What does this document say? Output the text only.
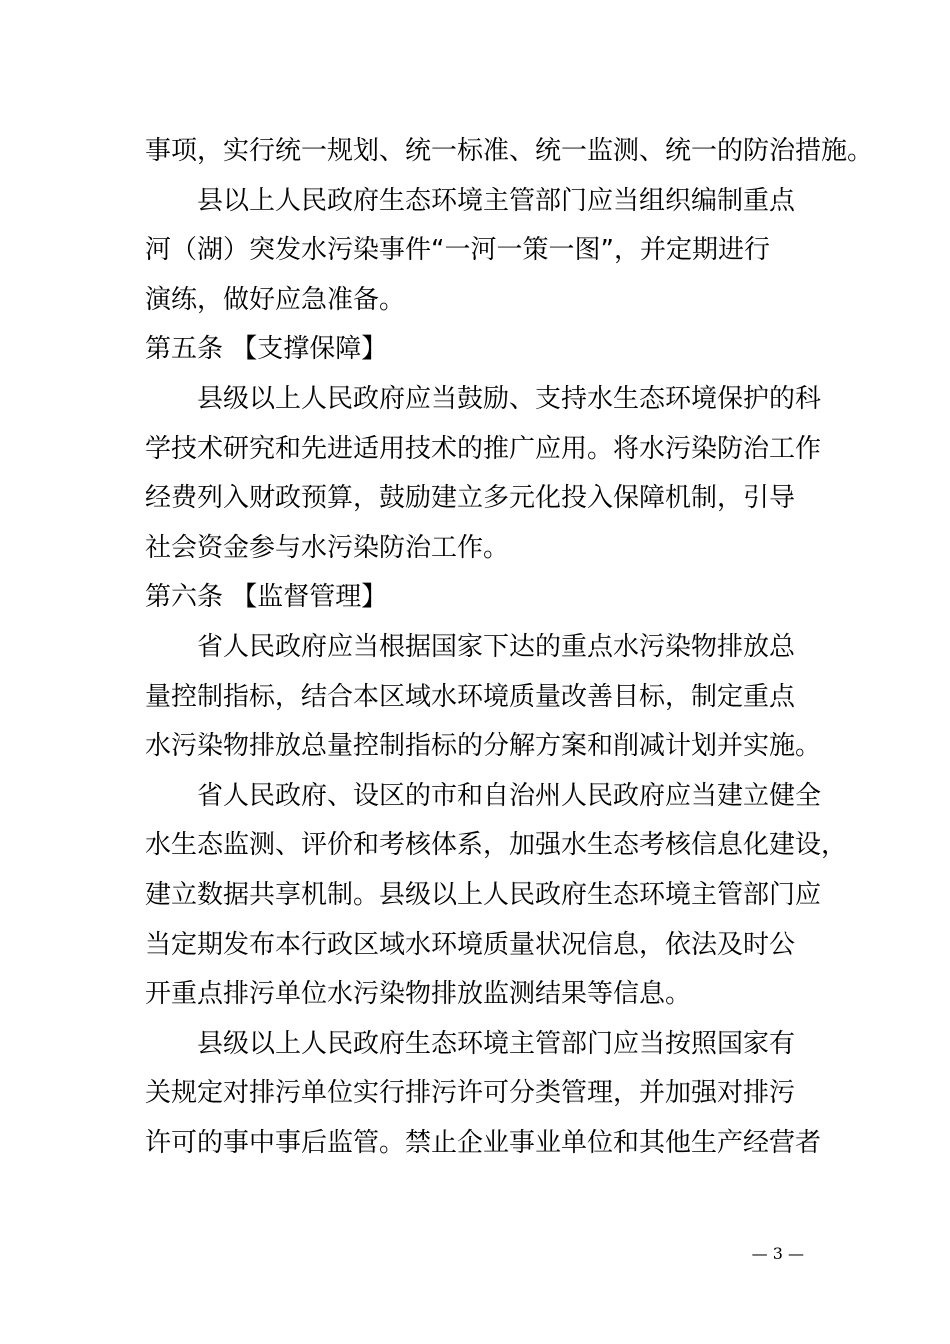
事项，实行统一规划、统一标准、统一监测、统一的防治措施。
县以上人民政府生态环境主管部门应当组织编制重点
河（湖）突发水污染事件“一河一策一图”，并定期进行
演练，做好应急准备。
第五条 【支撑保障】
县级以上人民政府应当鼓励、支持水生态环境保护的科
学技术研究和先进适用技术的推广应用。将水污染防治工作
经费列入财政预算，鼓励建立多元化投入保障机制，引导
社会资金参与水污染防治工作。
第六条 【监督管理】
省人民政府应当根据国家下达的重点水污染物排放总
量控制指标，结合本区域水环境质量改善目标，制定重点
水污染物排放总量控制指标的分解方案和削减计划并实施。
省人民政府、设区的市和自治州人民政府应当建立健全
水生态监测、评价和考核体系，加强水生态考核信息化建设，
建立数据共享机制。县级以上人民政府生态环境主管部门应
当定期发布本行政区域水环境质量状况信息，依法及时公
开重点排污单位水污染物排放监测结果等信息。
县级以上人民政府生态环境主管部门应当按照国家有
关规定对排污单位实行排污许可分类管理，并加强对排污
许可的事中事后监管。禁止企业事业单位和其他生产经营者
— 3 —
